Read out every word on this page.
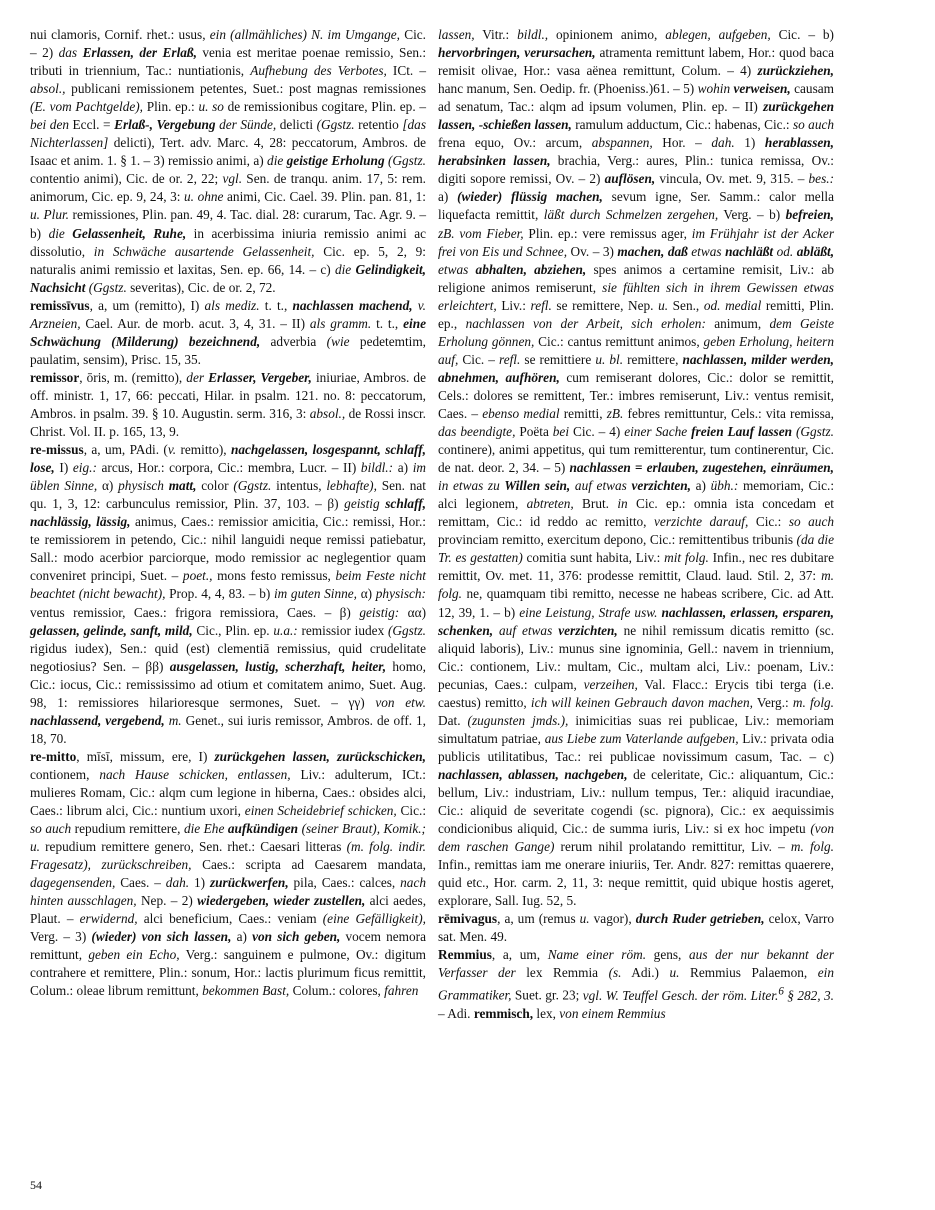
nui clamoris, Cornif. rhet.: usus, ein (allmähliches) N. im Umgange, Cic. – 2) das Erlassen, der Erlaß, venia est meritae poenae remissio, Sen.: tributi in triennium, Tac.: nuntiationis, Aufhebung des Verbotes, ICt. – absol., publicani remissionem petentes, Suet.: post magnas remissiones (E. vom Pachtgelde), Plin. ep.: u. so de remissionibus cogitare, Plin. ep. – bei den Eccl. = Erlaß-, Vergebung der Sünde, delicti (Ggstz. retentio [das Nichterlassen] delicti), Tert. adv. Marc. 4, 28: peccatorum, Ambros. de Isaac et anim. 1. § 1. – 3) remissio animi, a) die geistige Erholung (Ggstz. contentio animi), Cic. de or. 2, 22; vgl. Sen. de tranqu. anim. 17, 5: rem. animorum, Cic. ep. 9, 24, 3: u. ohne animi, Cic. Cael. 39. Plin. pan. 81, 1: u. Plur. remissiones, Plin. pan. 49, 4. Tac. dial. 28: curarum, Tac. Agr. 9. – b) die Gelassenheit, Ruhe, in acerbissima iniuria remissio animi ac dissolutio, in Schwäche ausartende Gelassenheit, Cic. ep. 5, 2, 9: naturalis animi remissio et laxitas, Sen. ep. 66, 14. – c) die Gelindigkeit, Nachsicht (Ggstz. severitas), Cic. de or. 2, 72.

remissīvus, a, um (remitto), I) als mediz. t. t., nachlassen machend, v. Arzneien, Cael. Aur. de morb. acut. 3, 4, 31. – II) als gramm. t. t., eine Schwächung (Milderung) bezeichnend, adverbia (wie pedetemtim, paulatim, sensim), Prisc. 15, 35.

remissor, ōris, m. (remitto), der Erlasser, Vergeber, iniuriae, Ambros. de off. ministr. 1, 17, 66: peccati, Hilar. in psalm. 121. no. 8: peccatorum, Ambros. in psalm. 39. § 10. Augustin. serm. 316, 3: absol., de Rossi inscr. Christ. Vol. II. p. 165, 13, 9.

re-missus, a, um, PAdi. (v. remitto), nachgelassen, losgespannt, schlaff, lose, I) eig.: arcus, Hor.: corpora, Cic.: membra, Lucr. – II) bildl.: a) im üblen Sinne, α) physisch matt, color (Ggstz. intentus, lebhafte), Sen. nat qu. 1, 3, 12: carbunculus remissior, Plin. 37, 103. – β) geistig schlaff, nachlässig, lässig, animus, Caes.: remissior amicitia, Cic.: remissi, Hor.: te remissiorem in petendo, Cic.: nihil languidi neque remissi patiebatur, Sall.: modo acerbior parciorque, modo remissior ac neglegentior quam conveniret principi, Suet. – poet., mons festo remissus, beim Feste nicht beachtet (nicht bewacht), Prop. 4, 4, 83. – b) im guten Sinne, α) physisch: ventus remissior, Caes.: frigora remissiora, Caes. – β) geistig: αα) gelassen, gelinde, sanft, mild, Cic., Plin. ep. u.a.: remissior iudex (Ggstz. rigidus iudex), Sen.: quid (est) clementiā remissius, quid crudelitate negotiosius? Sen. – ββ) ausgelassen, lustig, scherzhaft, heiter, homo, Cic.: iocus, Cic.: remississimo ad otium et comitatem animo, Suet. Aug. 98, 1: remissiores hilarioresque sermones, Suet. – γγ) von etw. nachlassend, vergebend, m. Genet., sui iuris remissor, Ambros. de off. 1, 18, 70.

re-mitto, mīsī, missum, ere, I) zurückgehen lassen, zurückschicken, contionem, nach Hause schicken, entlassen, Liv.: adulterum, ICt.: mulieres Romam, Cic.: alqm cum legione in hiberna, Caes.: obsides alci, Caes.: librum alci, Cic.: nuntium uxori, einen Scheidebrief schicken, Cic.: so auch repudium remittere, die Ehe aufkündigen (seiner Braut), Komik.; u. repudium remittere genero, Sen. rhet.: Caesari litteras (m. folg. indir. Fragesatz), zurückschreiben, Caes.: scripta ad Caesarem mandata, dagegensenden, Caes. – dah. 1) zurückwerfen, pila, Caes.: calces, nach hinten ausschlagen, Nep. – 2) wiedergeben, wieder zustellen, alci aedes, Plaut. – erwidernd, alci beneficium, Caes.: veniam (eine Gefälligkeit), Verg. – 3) (wieder) von sich lassen, a) von sich geben, vocem nemora remittunt, geben ein Echo, Verg.: sanguinem e pulmone, Ov.: digitum contrahere et remittere, Plin.: sonum, Hor.: lactis plurimum ficus remittit, Colum.: oleae librum remittunt, bekommen Bast, Colum.: colores, fahren

lassen, Vitr.: bildl., opinionem animo, ablegen, aufgeben, Cic. – b) hervorbringen, verursachen, atramenta remittunt labem, Hor.: quod baca remisit olivae, Hor.: vasa aënea remittunt, Colum. – 4) zurückziehen, hanc manum, Sen. Oedip. fr. (Phoeniss.)61. – 5) wohin verweisen, causam ad senatum, Tac.: alqm ad ipsum volumen, Plin. ep. – II) zurückgehen lassen, -schießen lassen, ramulum adductum, Cic.: habenas, Cic.: so auch frena equo, Ov.: arcum, abspannen, Hor. – dah. 1) herablassen, herabsinken lassen, brachia, Verg.: aures, Plin.: tunica remissa, Ov.: digiti sopore remissi, Ov. – 2) auflösen, vincula, Ov. met. 9, 315. – bes.: a) (wieder) flüssig machen, sevum igne, Ser. Samm.: calor mella liquefacta remittit, läßt durch Schmelzen zergehen, Verg. – b) befreien, zB. vom Fieber, Plin. ep.: vere remissus ager, im Frühjahr ist der Acker frei von Eis und Schnee, Ov. – 3) machen, daß etwas nachläßt od. abläßt, etwas abhalten, abziehen, spes animos a certamine remisit, Liv.: ab religione animos remiserunt, sie fühlten sich in ihrem Gewissen etwas erleichtert, Liv.: refl. se remittere, Nep. u. Sen., od. medial remitti, Plin. ep., nachlassen von der Arbeit, sich erholen: animum, dem Geiste Erholung gönnen, Cic.: cantus remittunt animos, geben Erholung, heitern auf, Cic. – refl. se remittiere u. bl. remittere, nachlassen, milder werden, abnehmen, aufhören, cum remiserant dolores, Cic.: dolor se remittit, Cels.: dolores se remittent, Ter.: imbres remiserunt, Liv.: ventus remisit, Caes. – ebenso medial remitti, zB. febres remittuntur, Cels.: vita remissa, das beendigte, Poëta bei Cic. – 4) einer Sache freien Lauf lassen (Ggstz. continere), animi appetitus, qui tum remitterentur, tum continerentur, Cic. de nat. deor. 2, 34. – 5) nachlassen = erlauben, zugestehen, einräumen, in etwas zu Willen sein, auf etwas verzichten, a) übh.: memoriam, Cic.: alci legionem, abtreten, Brut. in Cic. ep.: omnia ista concedam et remittam, Cic.: id reddo ac remitto, verzichte darauf, Cic.: so auch provinciam remitto, exercitum depono, Cic.: remittentibus tribunis (da die Tr. es gestatten) comitia sunt habita, Liv.: mit folg. Infin., nec res dubitare remittit, Ov. met. 11, 376: prodesse remittit, Claud. laud. Stil. 2, 37: m. folg. ne, quamquam tibi remitto, necesse ne habeas scribere, Cic. ad Att. 12, 39, 1. – b) eine Leistung, Strafe usw. nachlassen, erlassen, ersparen, schenken, auf etwas verzichten, ne nihil remissum dicatis remitto (sc. aliquid laboris), Liv.: munus sine ignominia, Gell.: navem in triennium, Cic.: contionem, Liv.: multam, Cic., multam alci, Liv.: poenam, Liv.: pecunias, Caes.: culpam, verzeihen, Val. Flacc.: Erycis tibi terga (i.e. caestus) remitto, ich will keinen Gebrauch davon machen, Verg.: m. folg. Dat. (zugunsten jmds.), inimicitias suas rei publicae, Liv.: memoriam simultatum patriae, aus Liebe zum Vaterlande aufgeben, Liv.: privata odia publicis utilitatibus, Tac.: rei publicae novissimum casum, Tac. – c) nachlassen, ablassen, nachgeben, de celeritate, Cic.: aliquantum, Cic.: bellum, Liv.: industriam, Liv.: nullum tempus, Ter.: aliquid iracundiae, Cic.: aliquid de severitate cogendi (sc. pignora), Cic.: ex aequissimis condicionibus aliquid, Cic.: de summa iuris, Liv.: si ex hoc impetu (von dem raschen Gange) rerum nihil prolatando remittitur, Liv. – m. folg. Infin., remittas iam me onerare iniuriis, Ter. Andr. 827: remittas quaerere, quid etc., Hor. carm. 2, 11, 3: neque remittit, quid ubique hostis ageret, explorare, Sall. Iug. 52, 5.

rēmivagus, a, um (remus u. vagor), durch Ruder getrieben, celox, Varro sat. Men. 49.

Remmius, a, um, Name einer röm. gens, aus der nur bekannt der Verfasser der lex Remmia (s. Adi.) u. Remmius Palaemon, ein Grammatiker, Suet. gr. 23; vgl. W. Teuffel Gesch. der röm. Liter.$^6$ § 282, 3. – Adi. remmisch, lex, von einem Remmius

54
